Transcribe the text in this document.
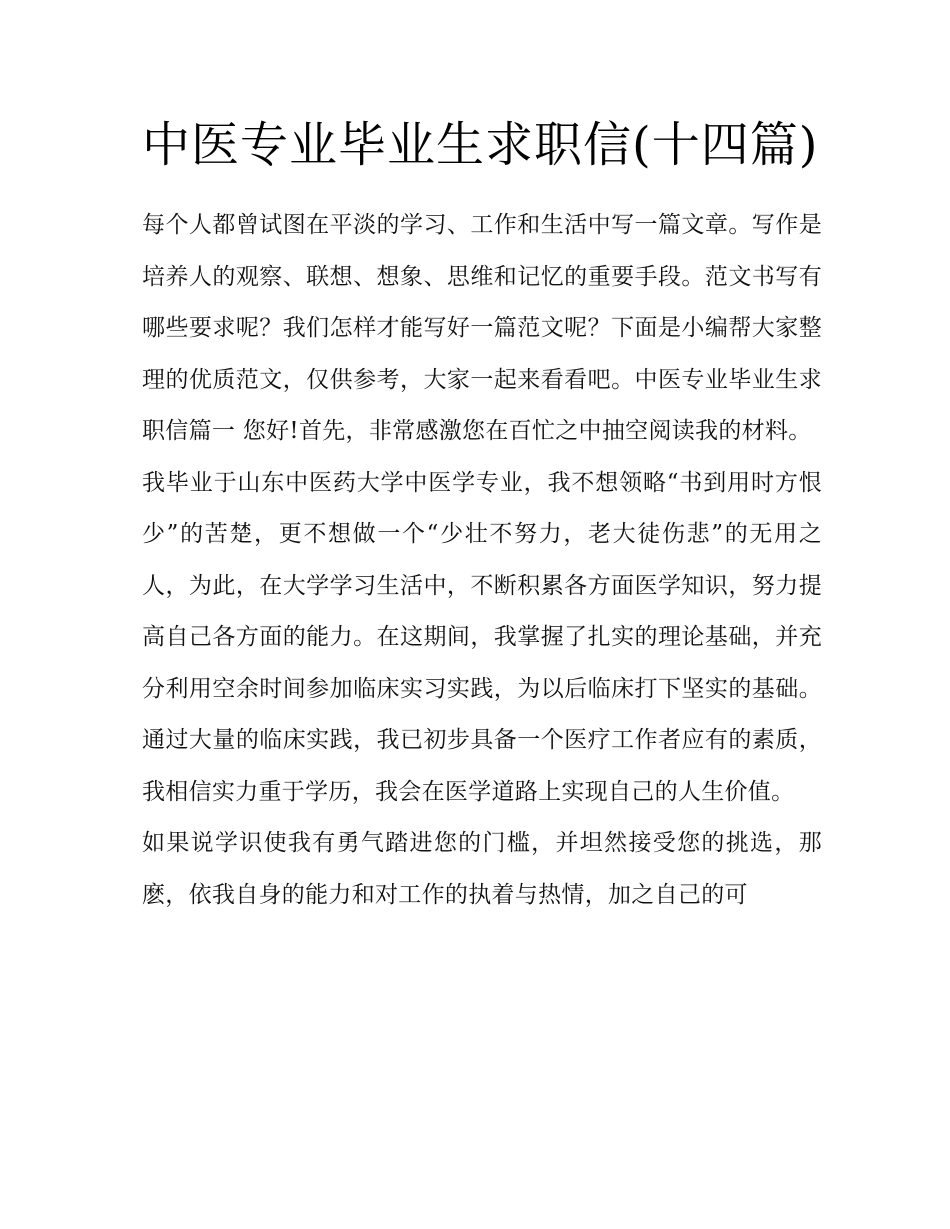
中医专业毕业生求职信(十四篇)

每个人都曾试图在平淡的学习、工作和生活中写一篇文章。写作是培养人的观察、联想、想象、思维和记忆的重要手段。范文书写有哪些要求呢？我们怎样才能写好一篇范文呢？下面是小编帮大家整理的优质范文，仅供参考，大家一起来看看吧。中医专业毕业生求职信篇一 您好!首先，非常感激您在百忙之中抽空阅读我的材料。

我毕业于山东中医药大学中医学专业，我不想领略“书到用时方恨少”的苦楚，更不想做一个“少壮不努力，老大徒伤悲”的无用之人，为此，在大学学习生活中，不断积累各方面医学知识，努力提高自己各方面的能力。在这期间，我掌握了扎实的理论基础，并充分利用空余时间参加临床实习实践，为以后临床打下坚实的基础。通过大量的临床实践，我已初步具备一个医疗工作者应有的素质，我相信实力重于学历，我会在医学道路上实现自己的人生价值。

如果说学识使我有勇气踏进您的门槛，并坦然接受您的挑选，那麽，依我自身的能力和对工作的执着与热情，加之自己的可
